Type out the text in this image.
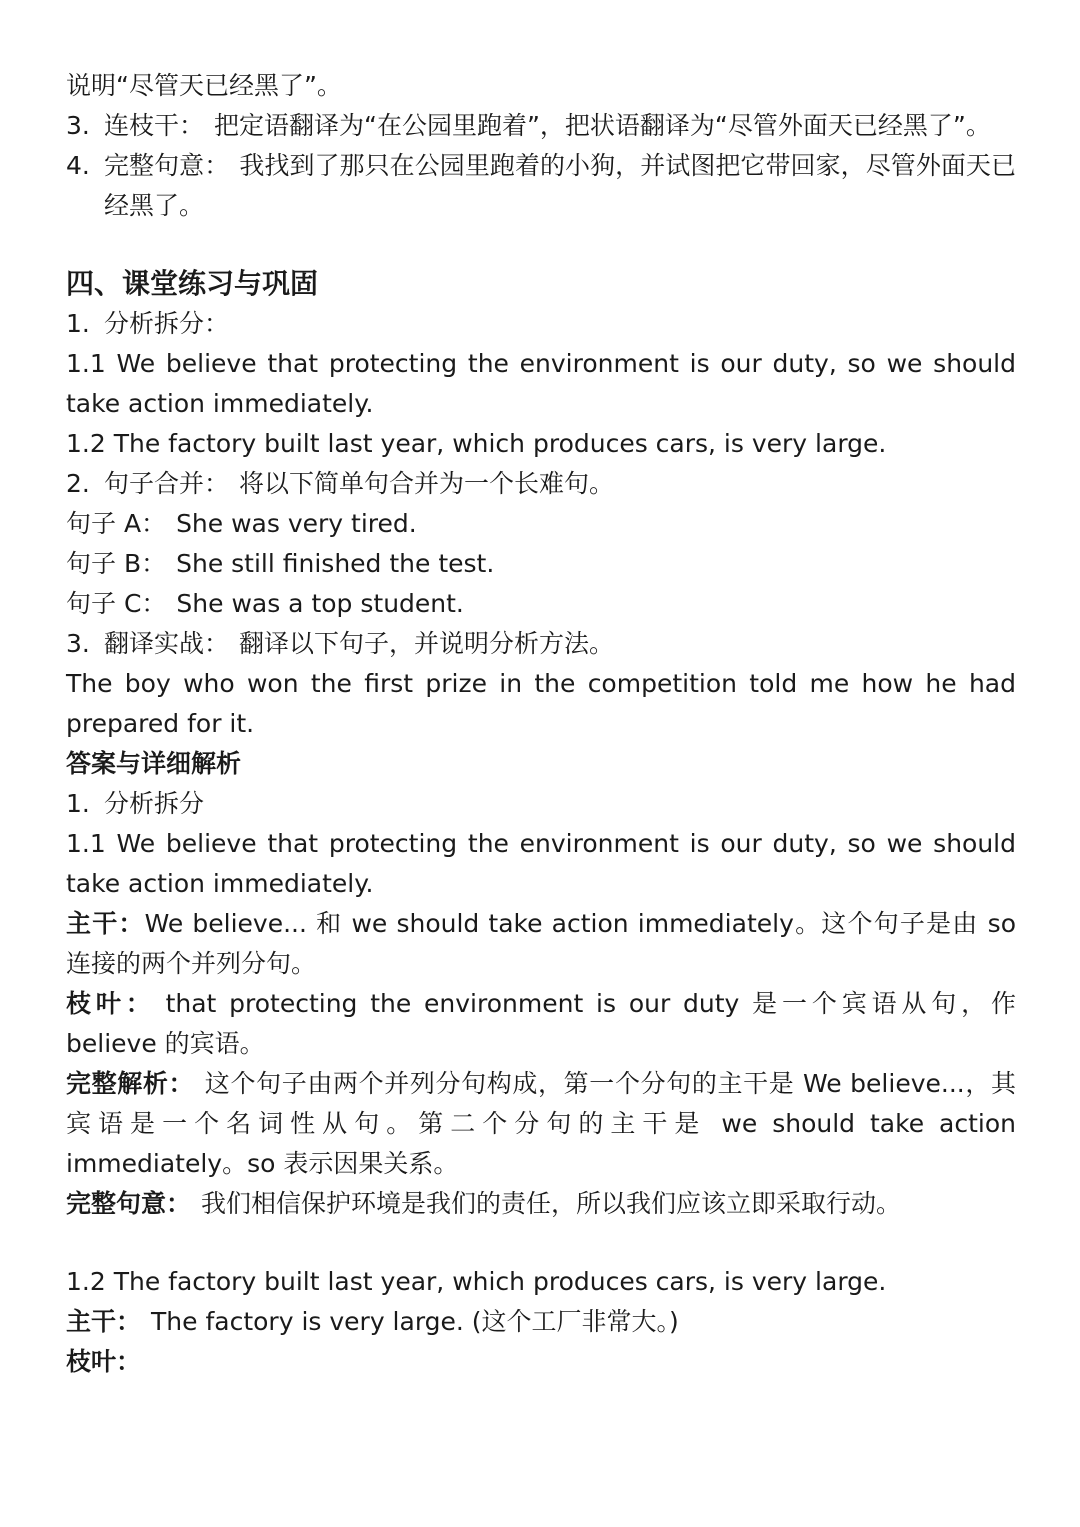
说明“尽管天已经黑了”。
3. 连枝干： 把定语翻译为“在公园里跑着”，把状语翻译为“尽管外面天已经黑了”。
4. 完整句意： 我找到了那只在公园里跑着的小狗，并试图把它带回家，尽管外面天已经黑了。
四、课堂练习与巩固
1. 分析拆分：
1.1 We believe that protecting the environment is our duty, so we should take action immediately.
1.2 The factory built last year, which produces cars, is very large.
2. 句子合并： 将以下简单句合并为一个长难句。
句子 A： She was very tired.
句子 B： She still finished the test.
句子 C： She was a top student.
3. 翻译实战： 翻译以下句子，并说明分析方法。
The boy who won the first prize in the competition told me how he had prepared for it.
答案与详细解析
1. 分析拆分
1.1 We believe that protecting the environment is our duty, so we should take action immediately.
主干：We believe... 和 we should take action immediately。这个句子是由 so 连接的两个并列分句。
枝叶： that protecting the environment is our duty 是一个宾语从句，作 believe 的宾语。
完整解析： 这个句子由两个并列分句构成，第一个分句的主干是 We believe...，其宾语是一个名词性从句。第二个分句的主干是 we should take action immediately。so 表示因果关系。
完整句意： 我们相信保护环境是我们的责任，所以我们应该立即采取行动。
1.2 The factory built last year, which produces cars, is very large.
主干： The factory is very large. (这个工厂非常大。)
枝叶：
